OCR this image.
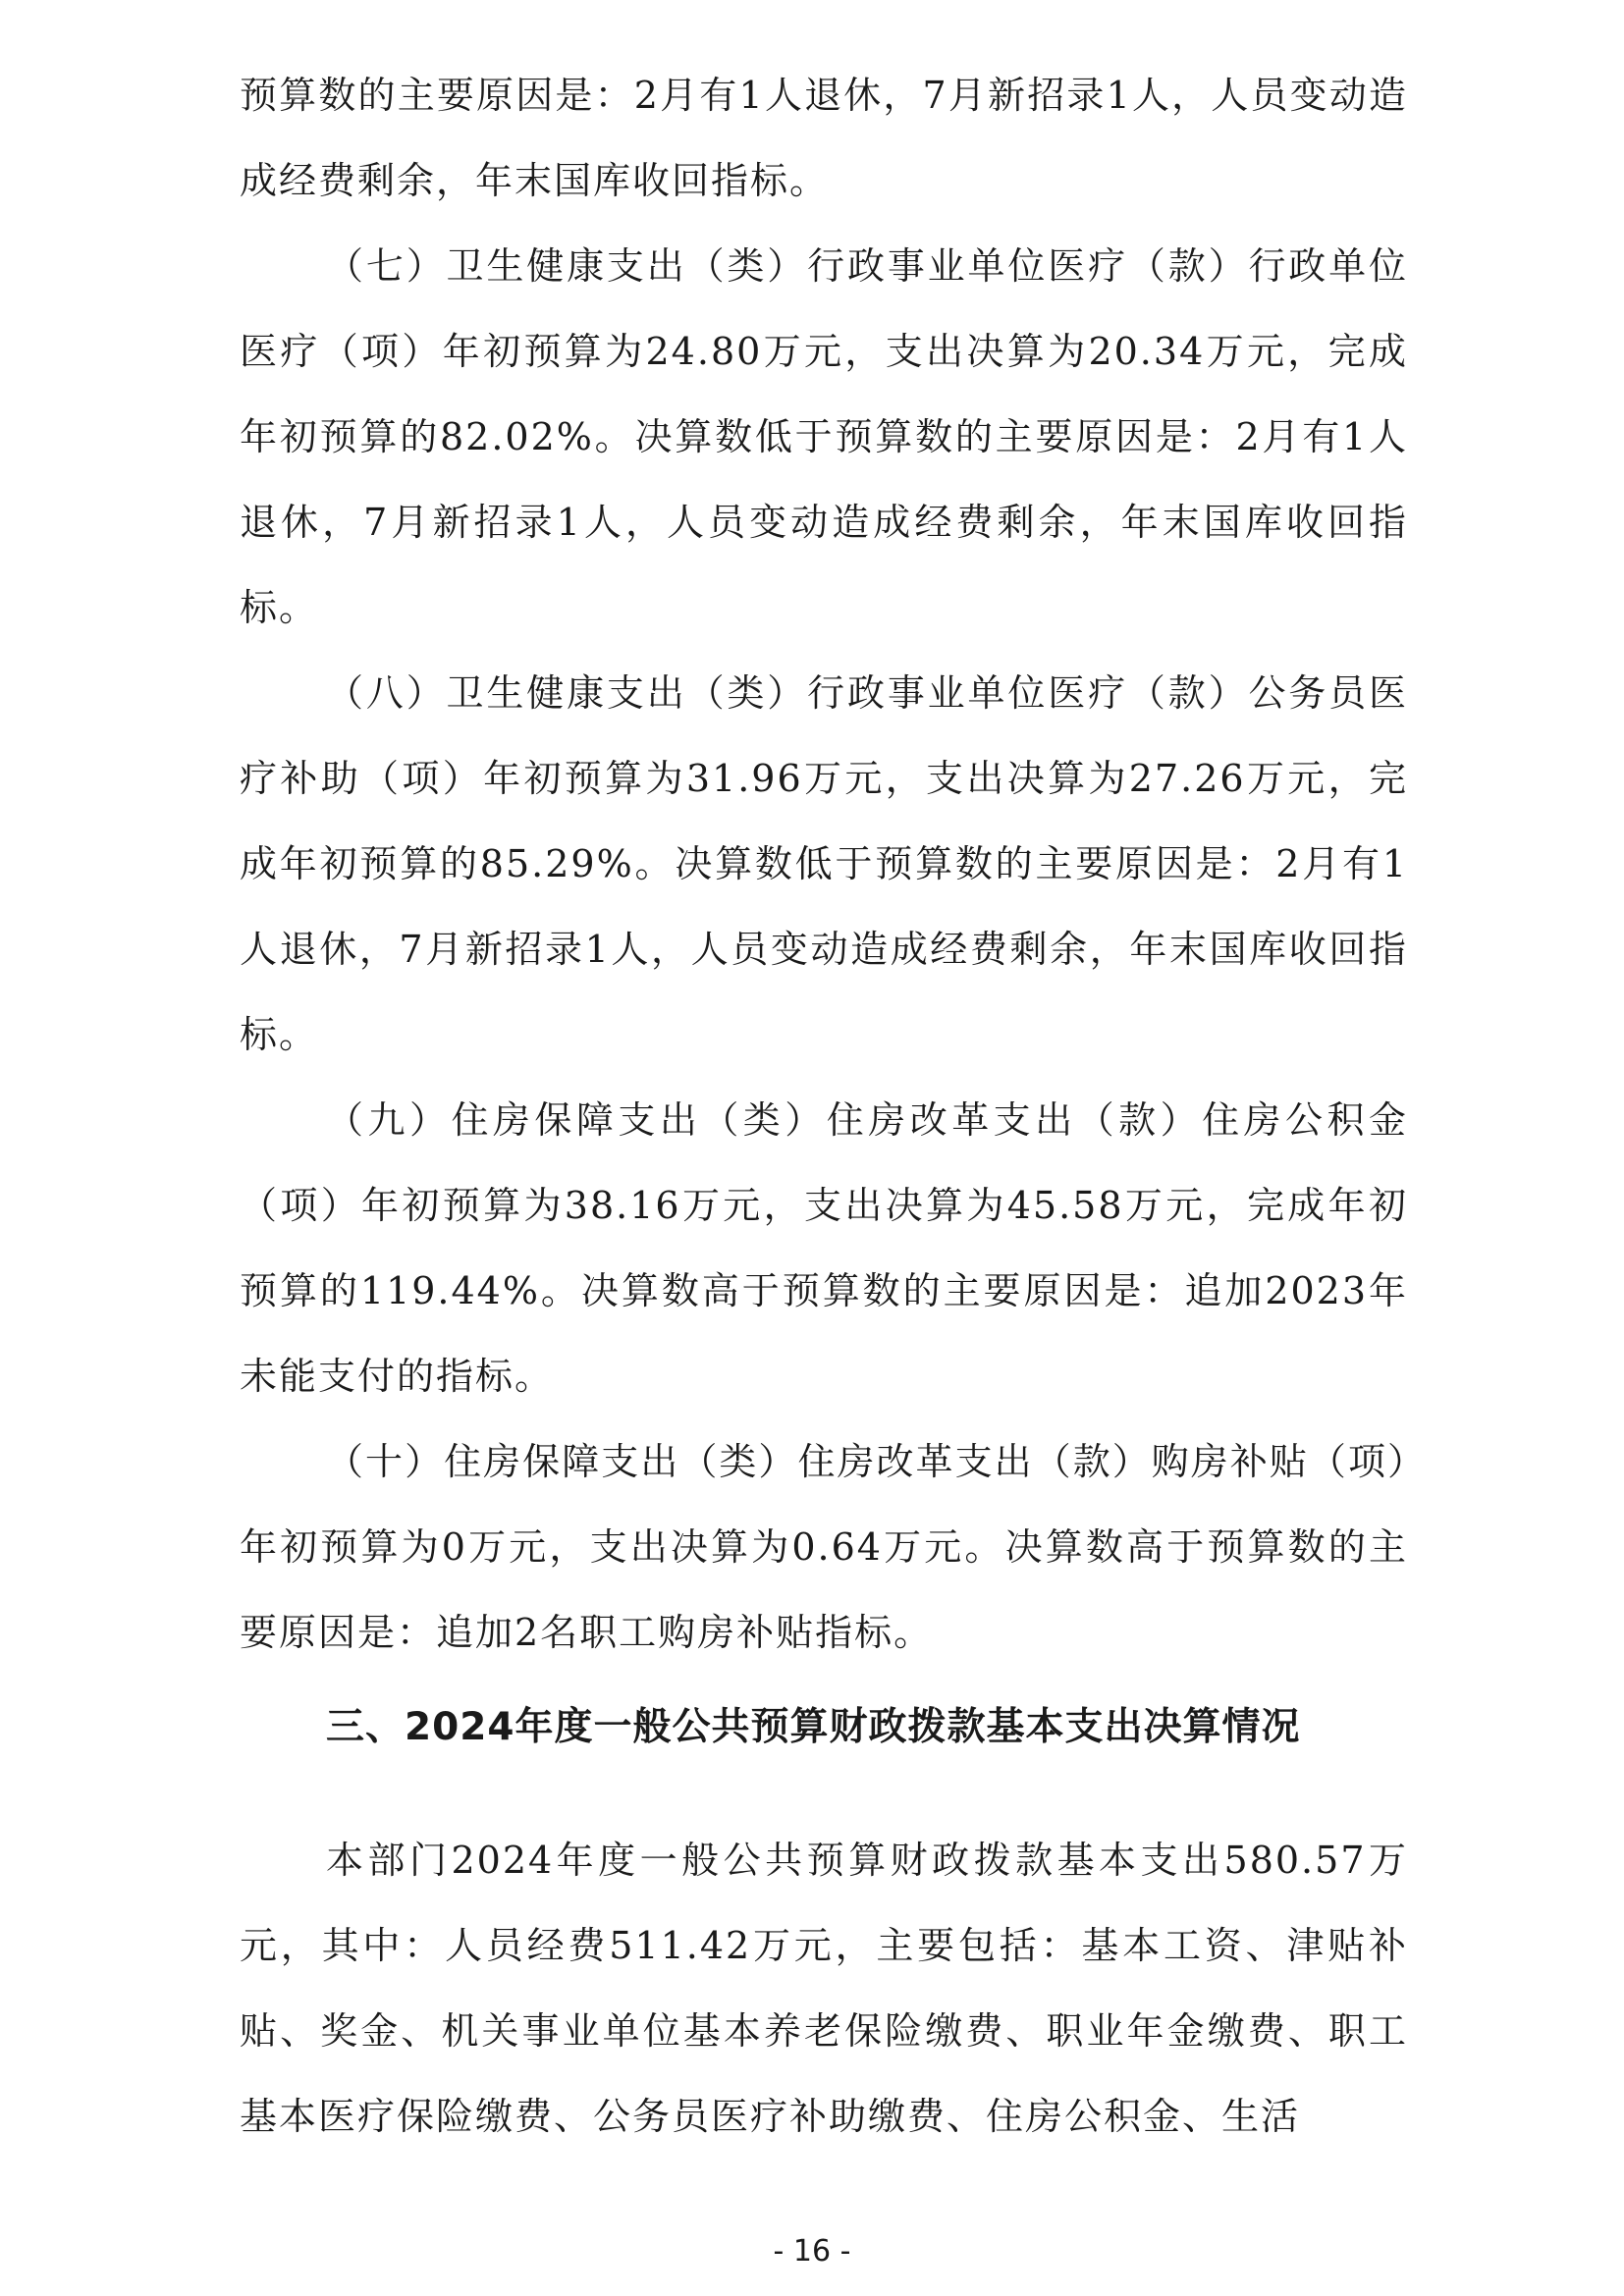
预算数的主要原因是：2月有1人退休，7月新招录1人，人员变动造成经费剩余，年末国库收回指标。

（七）卫生健康支出（类）行政事业单位医疗（款）行政单位医疗（项）年初预算为24.80万元，支出决算为20.34万元，完成年初预算的82.02%。决算数低于预算数的主要原因是：2月有1人退休，7月新招录1人，人员变动造成经费剩余，年末国库收回指标。

（八）卫生健康支出（类）行政事业单位医疗（款）公务员医疗补助（项）年初预算为31.96万元，支出决算为27.26万元，完成年初预算的85.29%。决算数低于预算数的主要原因是：2月有1人退休，7月新招录1人，人员变动造成经费剩余，年末国库收回指标。

（九）住房保障支出（类）住房改革支出（款）住房公积金（项）年初预算为38.16万元，支出决算为45.58万元，完成年初预算的119.44%。决算数高于预算数的主要原因是：追加2023年未能支付的指标。

（十）住房保障支出（类）住房改革支出（款）购房补贴（项）年初预算为0万元，支出决算为0.64万元。决算数高于预算数的主要原因是：追加2名职工购房补贴指标。

三、2024年度一般公共预算财政拨款基本支出决算情况

本部门2024年度一般公共预算财政拨款基本支出580.57万元，其中：人员经费511.42万元，主要包括：基本工资、津贴补贴、奖金、机关事业单位基本养老保险缴费、职业年金缴费、职工基本医疗保险缴费、公务员医疗补助缴费、住房公积金、生活

- 16 -
